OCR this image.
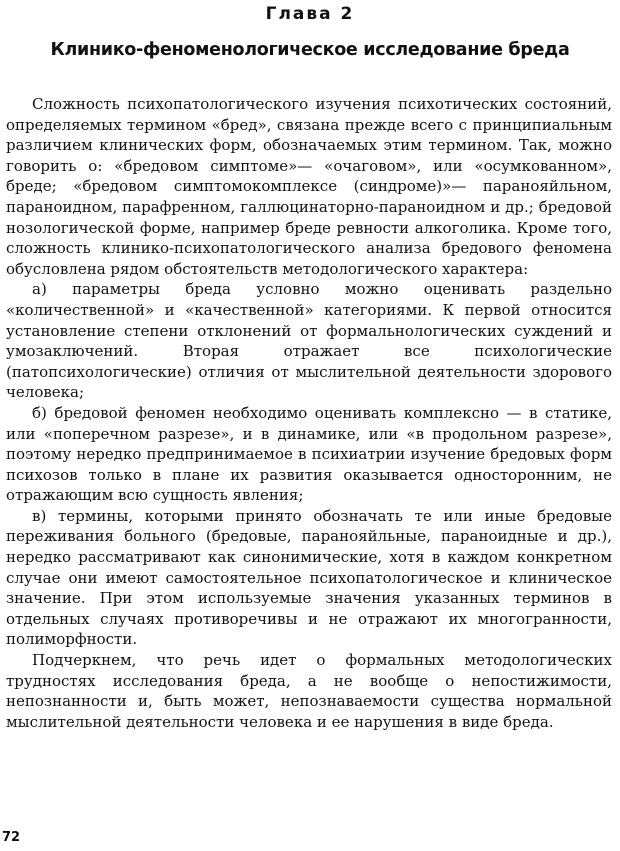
Глава 2
Клинико-феноменологическое исследование бреда

Сложность психопатологического изучения психотических состояний, определяемых термином «бред», связана прежде всего с принципиальным различием клинических форм, обозначаемых этим термином. Так, можно говорить о: «бредовом симптоме»— «очаговом», или «осумкованном», бреде; «бредовом симптомокомплексе (синдроме)»— паранояйльном, параноидном, парафренном, галлюцинаторно-параноидном и др.; бредовой нозологической форме, например бреде ревности алкоголика. Кроме того, сложность клинико-психопатологического анализа бредового феномена обусловлена рядом обстоятельств методологического характера:

а) параметры бреда условно можно оценивать раздельно «количественной» и «качественной» категориями. К первой относится установление степени отклонений от формальнологических суждений и умозаключений. Вторая отражает все психологические (патопсихологические) отличия от мыслительной деятельности здорового человека;

б) бредовой феномен необходимо оценивать комплексно — в статике, или «поперечном разрезе», и в динамике, или «в продольном разрезе», поэтому нередко предпринимаемое в психиатрии изучение бредовых форм психозов только в плане их развития оказывается односторонним, не отражающим всю сущность явления;

в) термины, которыми принято обозначать те или иные бредовые переживания больного (бредовые, паранояйльные, параноидные и др.), нередко рассматривают как синонимические, хотя в каждом конкретном случае они имеют самостоятельное психопатологическое и клиническое значение. При этом используемые значения указанных терминов в отдельных случаях противоречивы и не отражают их многогранности, полиморфности.

Подчеркнем, что речь идет о формальных методологических трудностях исследования бреда, а не вообще о непостижимости, непознанности и, быть может, непознаваемости существа нормальной мыслительной деятельности человека и ее нарушения в виде бреда.

72
